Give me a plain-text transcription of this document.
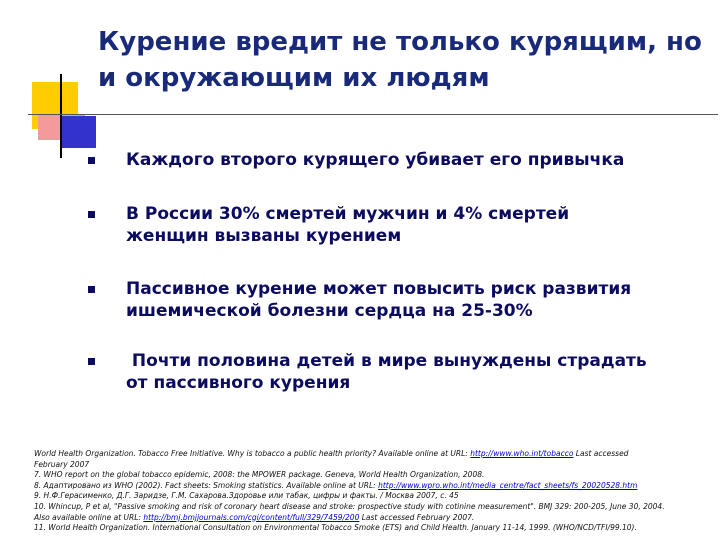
Курение вредит не только курящим, но
и окружающим их людям
Каждого второго курящего убивает его привычка
В России 30% смертей мужчин и 4% смертей
женщин вызваны курением
Пассивное курение может повысить риск развития
ишемической болезни сердца на 25-30%
Почти половина детей в мире вынуждены страдать
от пассивного курения
World Health Organization. Tobacco Free Initiative. Why is tobacco a public health priority? Available online at URL: http://www.who.int/tobacco Last accessed
February 2007
7. WHO report on the global tobacco epidemic, 2008: the MPOWER package. Geneva, World Health Organization, 2008.
8. Адаптировано из WHO (2002). Fact sheets: Smoking statistics. Available online at URL: http://www.wpro.who.int/media_centre/fact_sheets/fs_20020528.htm
9. Н.Ф.Герасименко, Д.Г. Заридзе, Г.М. Сахарова.Здоровье или табак, цифры и факты. / Москва 2007, с. 45
10. Whincup, P et al, "Passive smoking and risk of coronary heart disease and stroke: prospective study with cotinine measurement". BMJ 329: 200-205, June 30, 2004.
Also available online at URL: http://bmj.bmjjournals.com/cgi/content/full/329/7459/200 Last accessed February 2007.
11. World Health Organization. International Consultation on Environmental Tobacco Smoke (ETS) and Child Health. January 11-14, 1999. (WHO/NCD/TFI/99.10).
